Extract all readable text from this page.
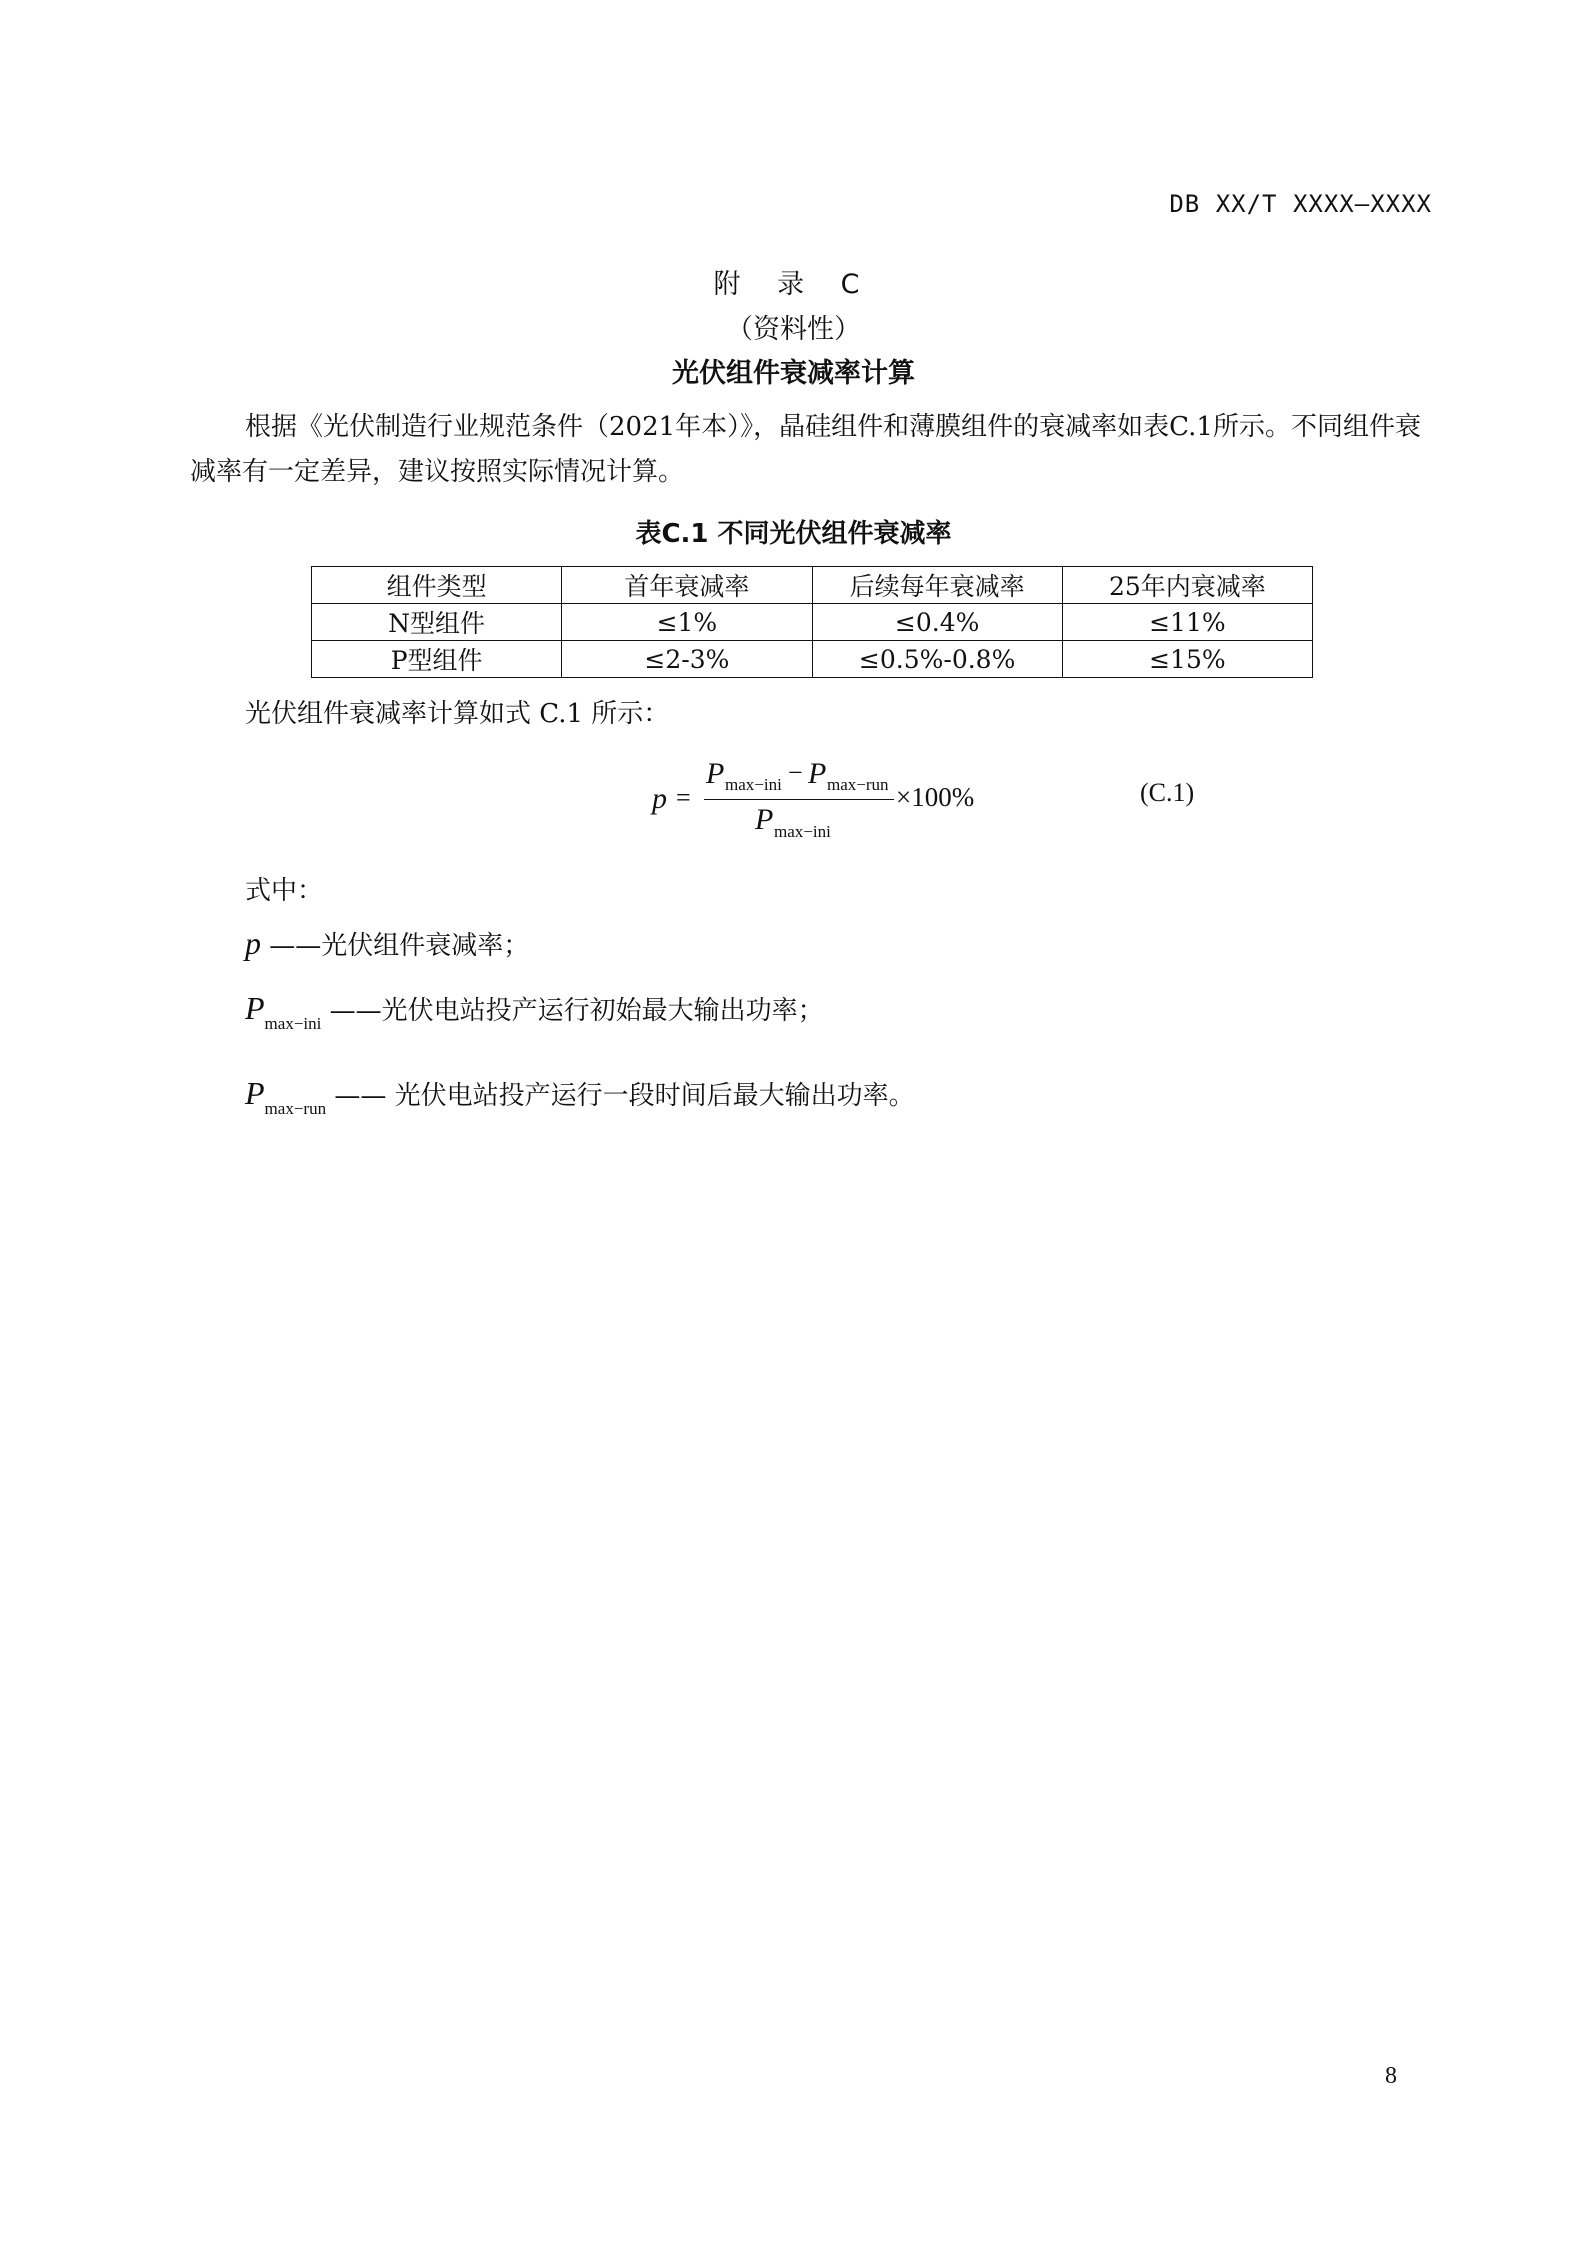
DB XX/T XXXX—XXXX
附 录 C
（资料性）
光伏组件衰减率计算
根据《光伏制造行业规范条件（2021年本）》，晶硅组件和薄膜组件的衰减率如表C.1所示。不同组件衰减率有一定差异，建议按照实际情况计算。
表C.1 不同光伏组件衰减率
组件类型	首年衰减率	后续每年衰减率	25年内衰减率
N型组件	≤1%	≤0.4%	≤11%
P型组件	≤2-3%	≤0.5%-0.8%	≤15%
光伏组件衰减率计算如式 C.1 所示：
p =
P max−ini − P max−run
P max−ini
×100%	(C.1)
式中：
p ——光伏组件衰减率；
$P_{max-ini}$ ——光伏电站投产运行初始最大输出功率；
$P_{max-run}$ —— 光伏电站投产运行一段时间后最大输出功率。
8
